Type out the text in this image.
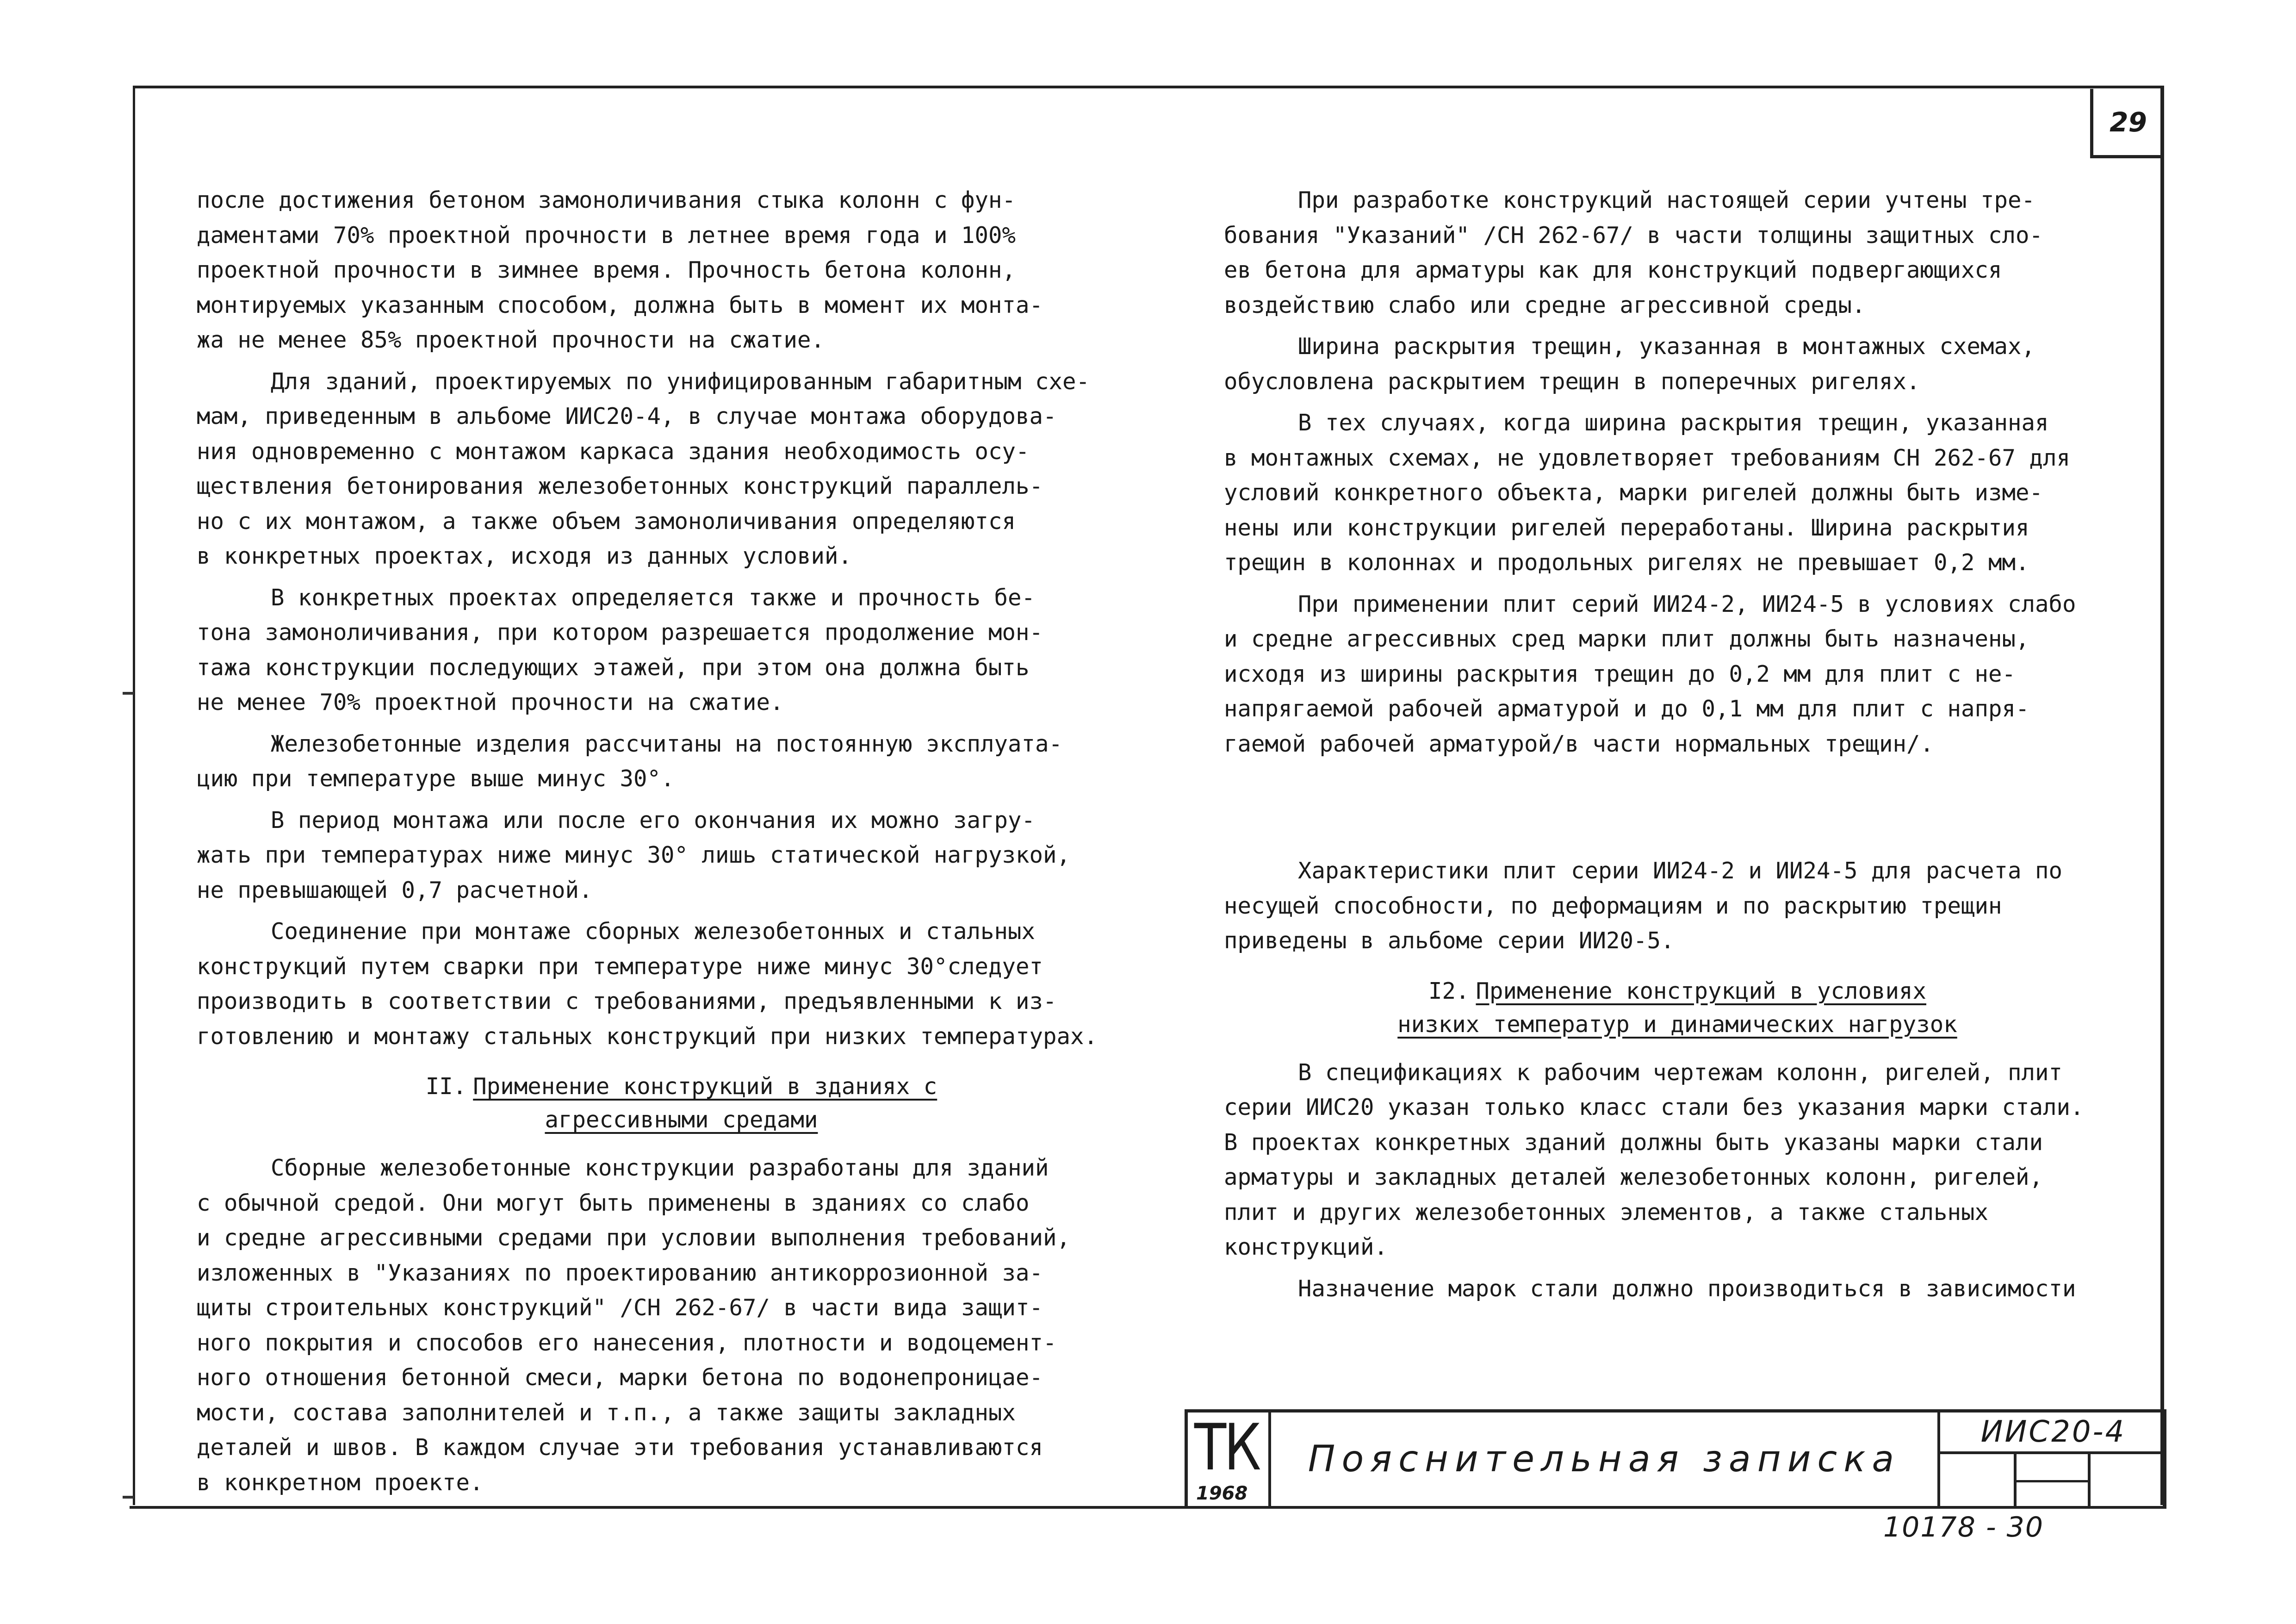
29

после достижения бетоном замоноличивания стыка колонн с фун-
даментами 70% проектной прочности в летнее время года и 100%
проектной прочности в зимнее время. Прочность бетона колонн,
монтируемых указанным способом, должна быть в момент их монта-
жа не менее 85% проектной прочности на сжатие.

Для зданий, проектируемых по унифицированным габаритным схе-
мам, приведенным в альбоме ИИС20-4, в случае монтажа оборудова-
ния одновременно с монтажом каркаса здания необходимость осу-
ществления бетонирования железобетонных конструкций параллель-
но с их монтажом, а также объем замоноличивания определяются
в конкретных проектах, исходя из данных условий.

В конкретных проектах определяется также и прочность бе-
тона замоноличивания, при котором разрешается продолжение мон-
тажа конструкции последующих этажей, при этом она должна быть
не менее 70% проектной прочности на сжатие.

Железобетонные изделия рассчитаны на постоянную эксплуата-
цию при температуре выше минус 30°.

В период монтажа или после его окончания их можно загру-
жать при температурах ниже минус 30° лишь статической нагрузкой,
не превышающей 0,7 расчетной.

Соединение при монтаже сборных железобетонных и стальных
конструкций путем сварки при температуре ниже минус 30°следует
производить в соответствии с требованиями, предъявленными к из-
готовлению и монтажу стальных конструкций при низких температурах.

II. Применение конструкций в зданиях с
агрессивными средами

Сборные железобетонные конструкции разработаны для зданий
с обычной средой. Они могут быть применены в зданиях со слабо
и средне агрессивными средами при условии выполнения требований,
изложенных в "Указаниях по проектированию антикоррозионной за-
щиты строительных конструкций" /СН 262-67/ в части вида защит-
ного покрытия и способов его нанесения, плотности и водоцемент-
ного отношения бетонной смеси, марки бетона по водонепроницае-
мости, состава заполнителей и т.п., а также защиты закладных
деталей и швов. В каждом случае эти требования устанавливаются
в конкретном проекте.

При разработке конструкций настоящей серии учтены тре-
бования "Указаний" /СН 262-67/ в части толщины защитных сло-
ев бетона для арматуры как для конструкций подвергающихся
воздействию слабо или средне агрессивной среды.

Ширина раскрытия трещин, указанная в монтажных схемах,
обусловлена раскрытием трещин в поперечных ригелях.

В тех случаях, когда ширина раскрытия трещин, указанная
в монтажных схемах, не удовлетворяет требованиям СН 262-67 для
условий конкретного объекта, марки ригелей должны быть изме-
нены или конструкции ригелей переработаны. Ширина раскрытия
трещин в колоннах и продольных ригелях не превышает 0,2 мм.

При применении плит серий ИИ24-2, ИИ24-5 в условиях слабо
и средне агрессивных сред марки плит должны быть назначены,
исходя из ширины раскрытия трещин до 0,2 мм для плит с не-
напрягаемой рабочей арматурой и до 0,1 мм для плит с напря-
гаемой рабочей арматурой/в части нормальных трещин/.

Характеристики плит серии ИИ24-2 и ИИ24-5 для расчета по
несущей способности, по деформациям и по раскрытию трещин
приведены в альбоме серии ИИ20-5.

I2. Применение конструкций в условиях
низких температур и динамических нагрузок

В спецификациях к рабочим чертежам колонн, ригелей, плит
серии ИИС20 указан только класс стали без указания марки стали.
В проектах конкретных зданий должны быть указаны марки стали
арматуры и закладных деталей железобетонных колонн, ригелей,
плит и других железобетонных элементов, а также стальных
конструкций.

Назначение марок стали должно производиться в зависимости

ТК
1968
Пояснительная записка
ИИС20-4
10178 - 30
